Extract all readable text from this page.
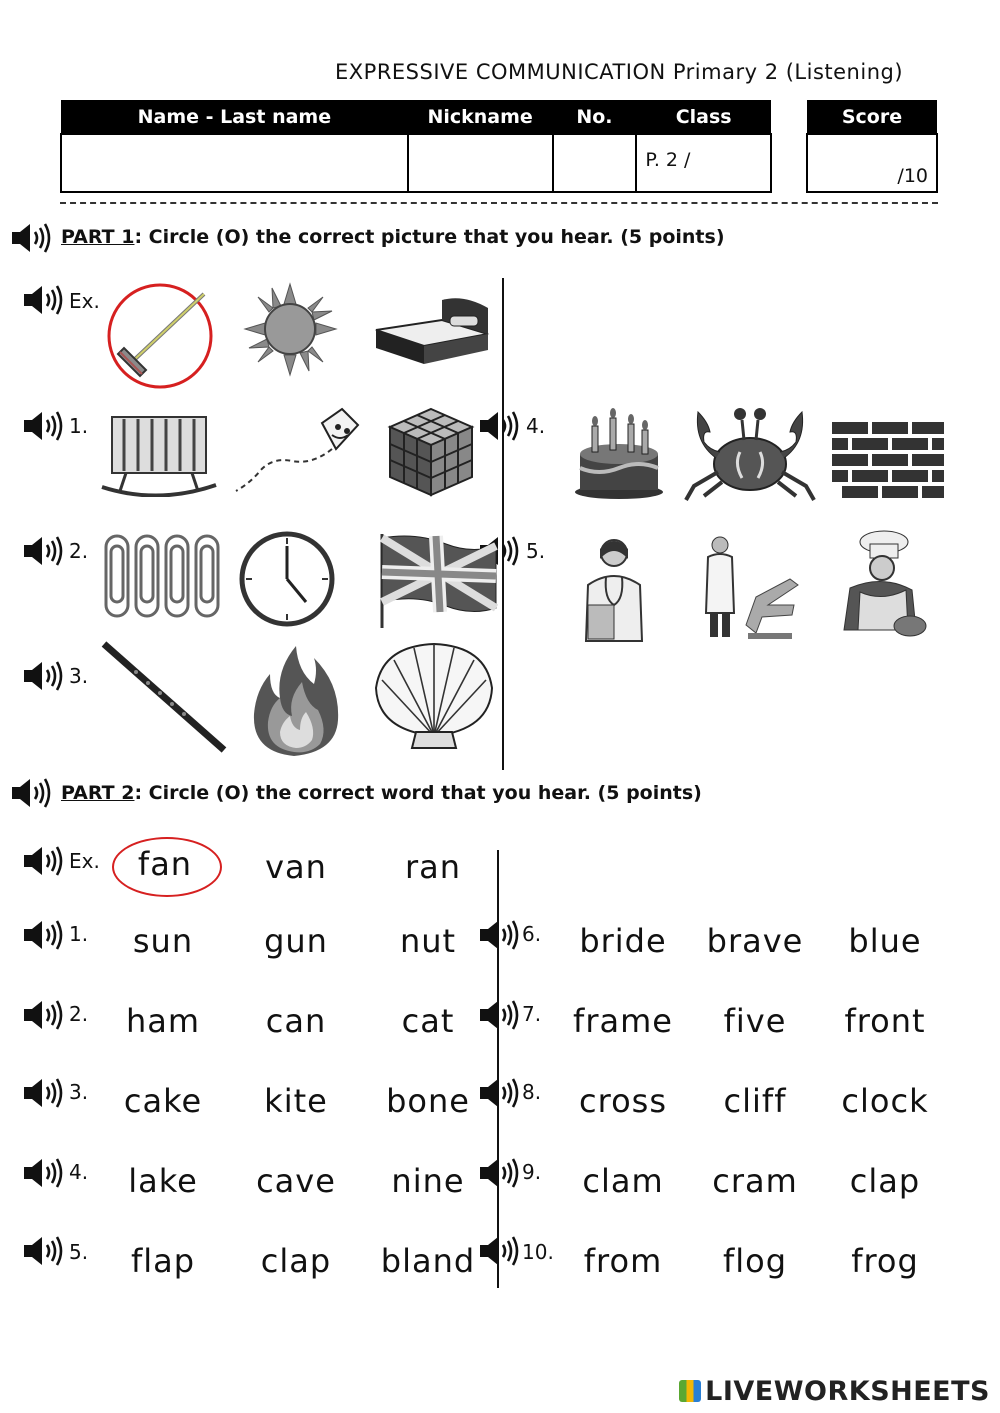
EXPRESSIVE COMMUNICATION Primary 2 (Listening)
Name - Last name	Nickname	No.	Class
			P. 2 /
Score
/10
PART 1: Circle (O) the correct picture that you hear. (5 points)
Ex.
1.
2.
3.
4.
5.
PART 2: Circle (O) the correct word that you hear. (5 points)
Ex.	fan	van	ran
1.	sun	gun	nut
2.	ham	can	cat
3.	cake	kite	bone
4.	lake	cave	nine
5.	flap	clap	bland
6.	bride	brave	blue
7. frame	five	front
8.	cross	cliff	clock
9.	clam	cram	clap
10. from	flog	frog
LIVEWORKSHEETS
